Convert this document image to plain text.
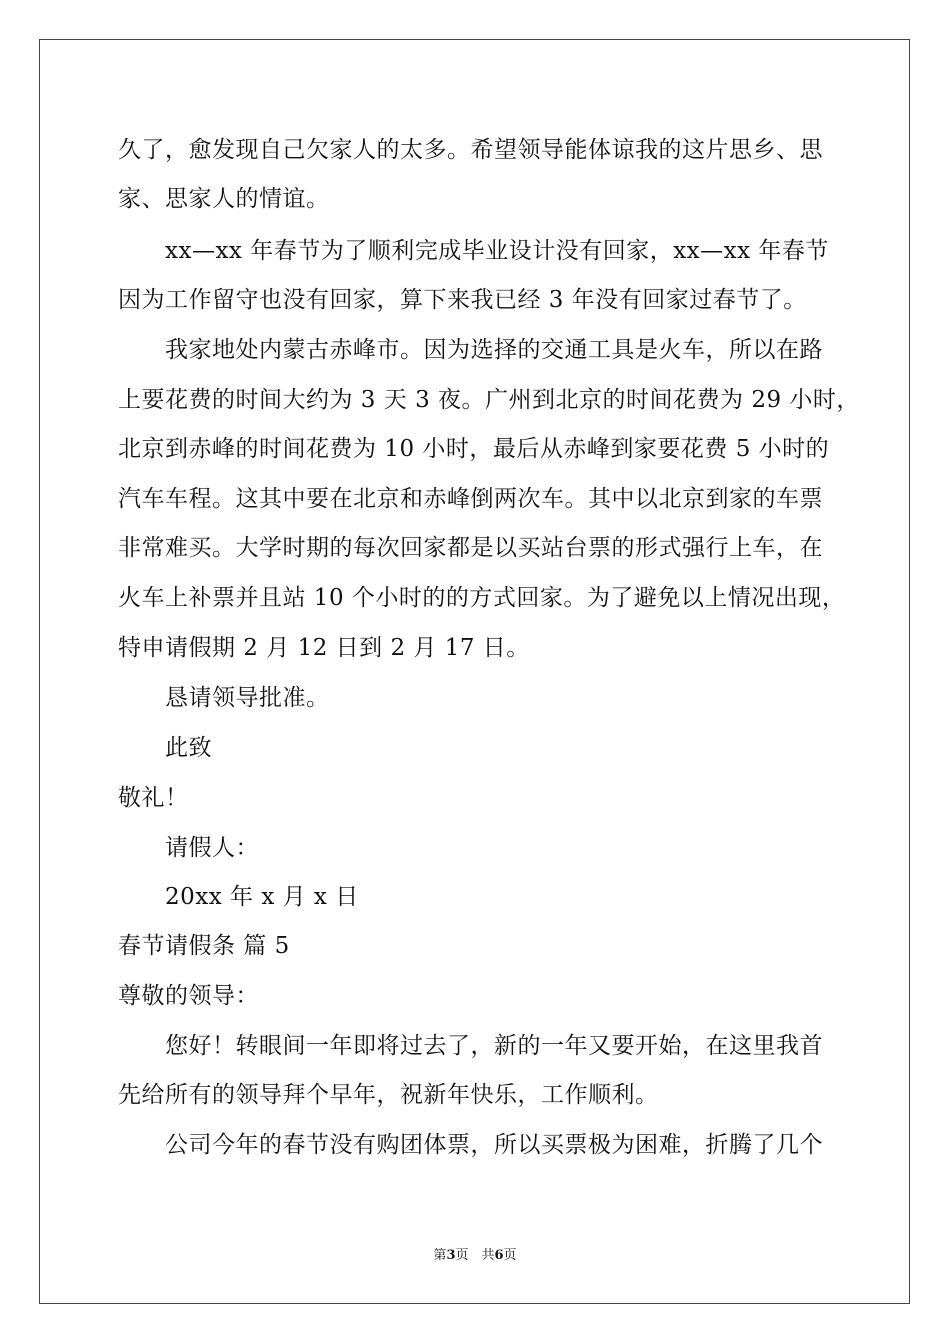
久了，愈发现自己欠家人的太多。希望领导能体谅我的这片思乡、思
家、思家人的情谊。
xx—xx 年春节为了顺利完成毕业设计没有回家，xx—xx 年春节
因为工作留守也没有回家，算下来我已经 3 年没有回家过春节了。
我家地处内蒙古赤峰市。因为选择的交通工具是火车，所以在路
上要花费的时间大约为 3 天 3 夜。广州到北京的时间花费为 29 小时，
北京到赤峰的时间花费为 10 小时，最后从赤峰到家要花费 5 小时的
汽车车程。这其中要在北京和赤峰倒两次车。其中以北京到家的车票
非常难买。大学时期的每次回家都是以买站台票的形式强行上车，在
火车上补票并且站 10 个小时的的方式回家。为了避免以上情况出现，
特申请假期 2 月 12 日到 2 月 17 日。
恳请领导批准。
此致
敬礼！
请假人：
20xx 年 x 月 x 日
春节请假条 篇 5
尊敬的领导：
您好！转眼间一年即将过去了，新的一年又要开始，在这里我首
先给所有的领导拜个早年，祝新年快乐，工作顺利。
公司今年的春节没有购团体票，所以买票极为困难，折腾了几个
第3页　共6页
